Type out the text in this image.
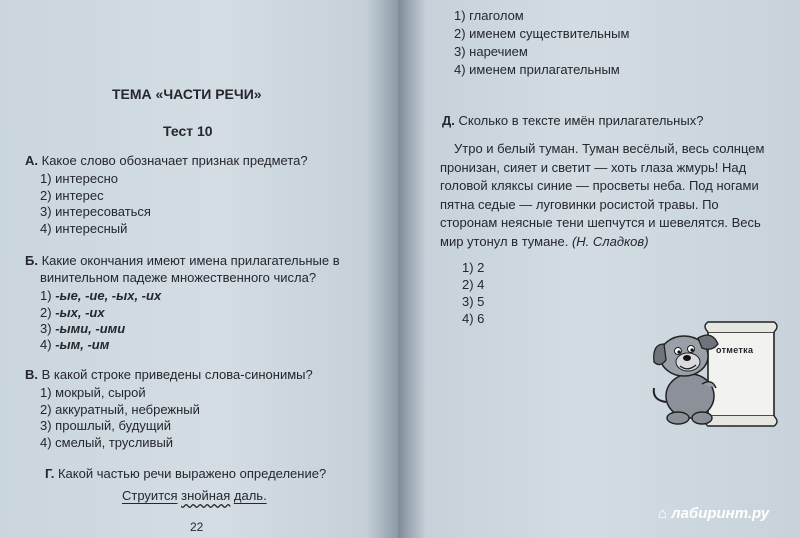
ТЕМА «ЧАСТИ РЕЧИ»
Тест 10
А. Какое слово обозначает признак предмета?
1) интересно
2) интерес
3) интересоваться
4) интересный
Б. Какие окончания имеют имена прилагательные в
винительном падеже множественного числа?
1) -ые, -ие, -ых, -их
2) -ых, -их
3) -ыми, -ими
4) -ым, -им
В. В какой строке приведены слова-синонимы?
1) мокрый, сырой
2) аккуратный, небрежный
3) прошлый, будущий
4) смелый, трусливый
Г. Какой частью речи выражено определение?
Струится знойная даль.
22
1) глаголом
2) именем существительным
3) наречием
4) именем прилагательным
Д. Сколько в тексте имён прилагательных?
Утро и белый туман. Туман весёлый, весь солнцем пронизан, сияет и светит — хоть глаза жмурь! Над головой кляксы синие — просветы неба. Под ногами пятна седые — луговинки росистой травы. По сторонам неясные тени шепчутся и шевелятся. Весь мир утонул в тумане. (Н. Сладков)
1) 2
2) 4
3) 5
4) 6
отметка
⌂ лабиринт.ру
